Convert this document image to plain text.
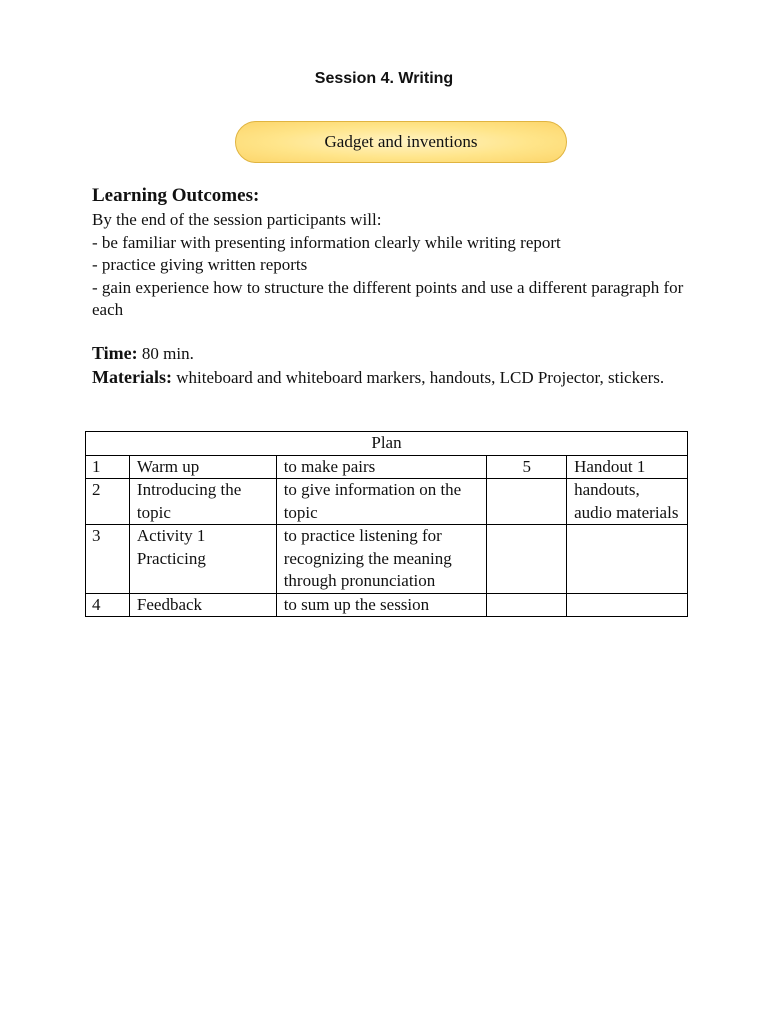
Session 4. Writing
Gadget and inventions
Learning Outcomes:
By the end of the session participants will:
- be familiar with presenting information clearly while writing report
- practice giving written reports
- gain experience how to structure the different points and use a different paragraph for each
Time: 80 min.
Materials: whiteboard and whiteboard markers, handouts, LCD Projector, stickers.
Plan				
1	Warm up	to make pairs	5	Handout 1
2	Introducing the topic	to give information on the topic		handouts, audio materials
3	Activity 1 Practicing	to practice listening for recognizing the meaning through pronunciation		
4	Feedback	to sum up the session		
